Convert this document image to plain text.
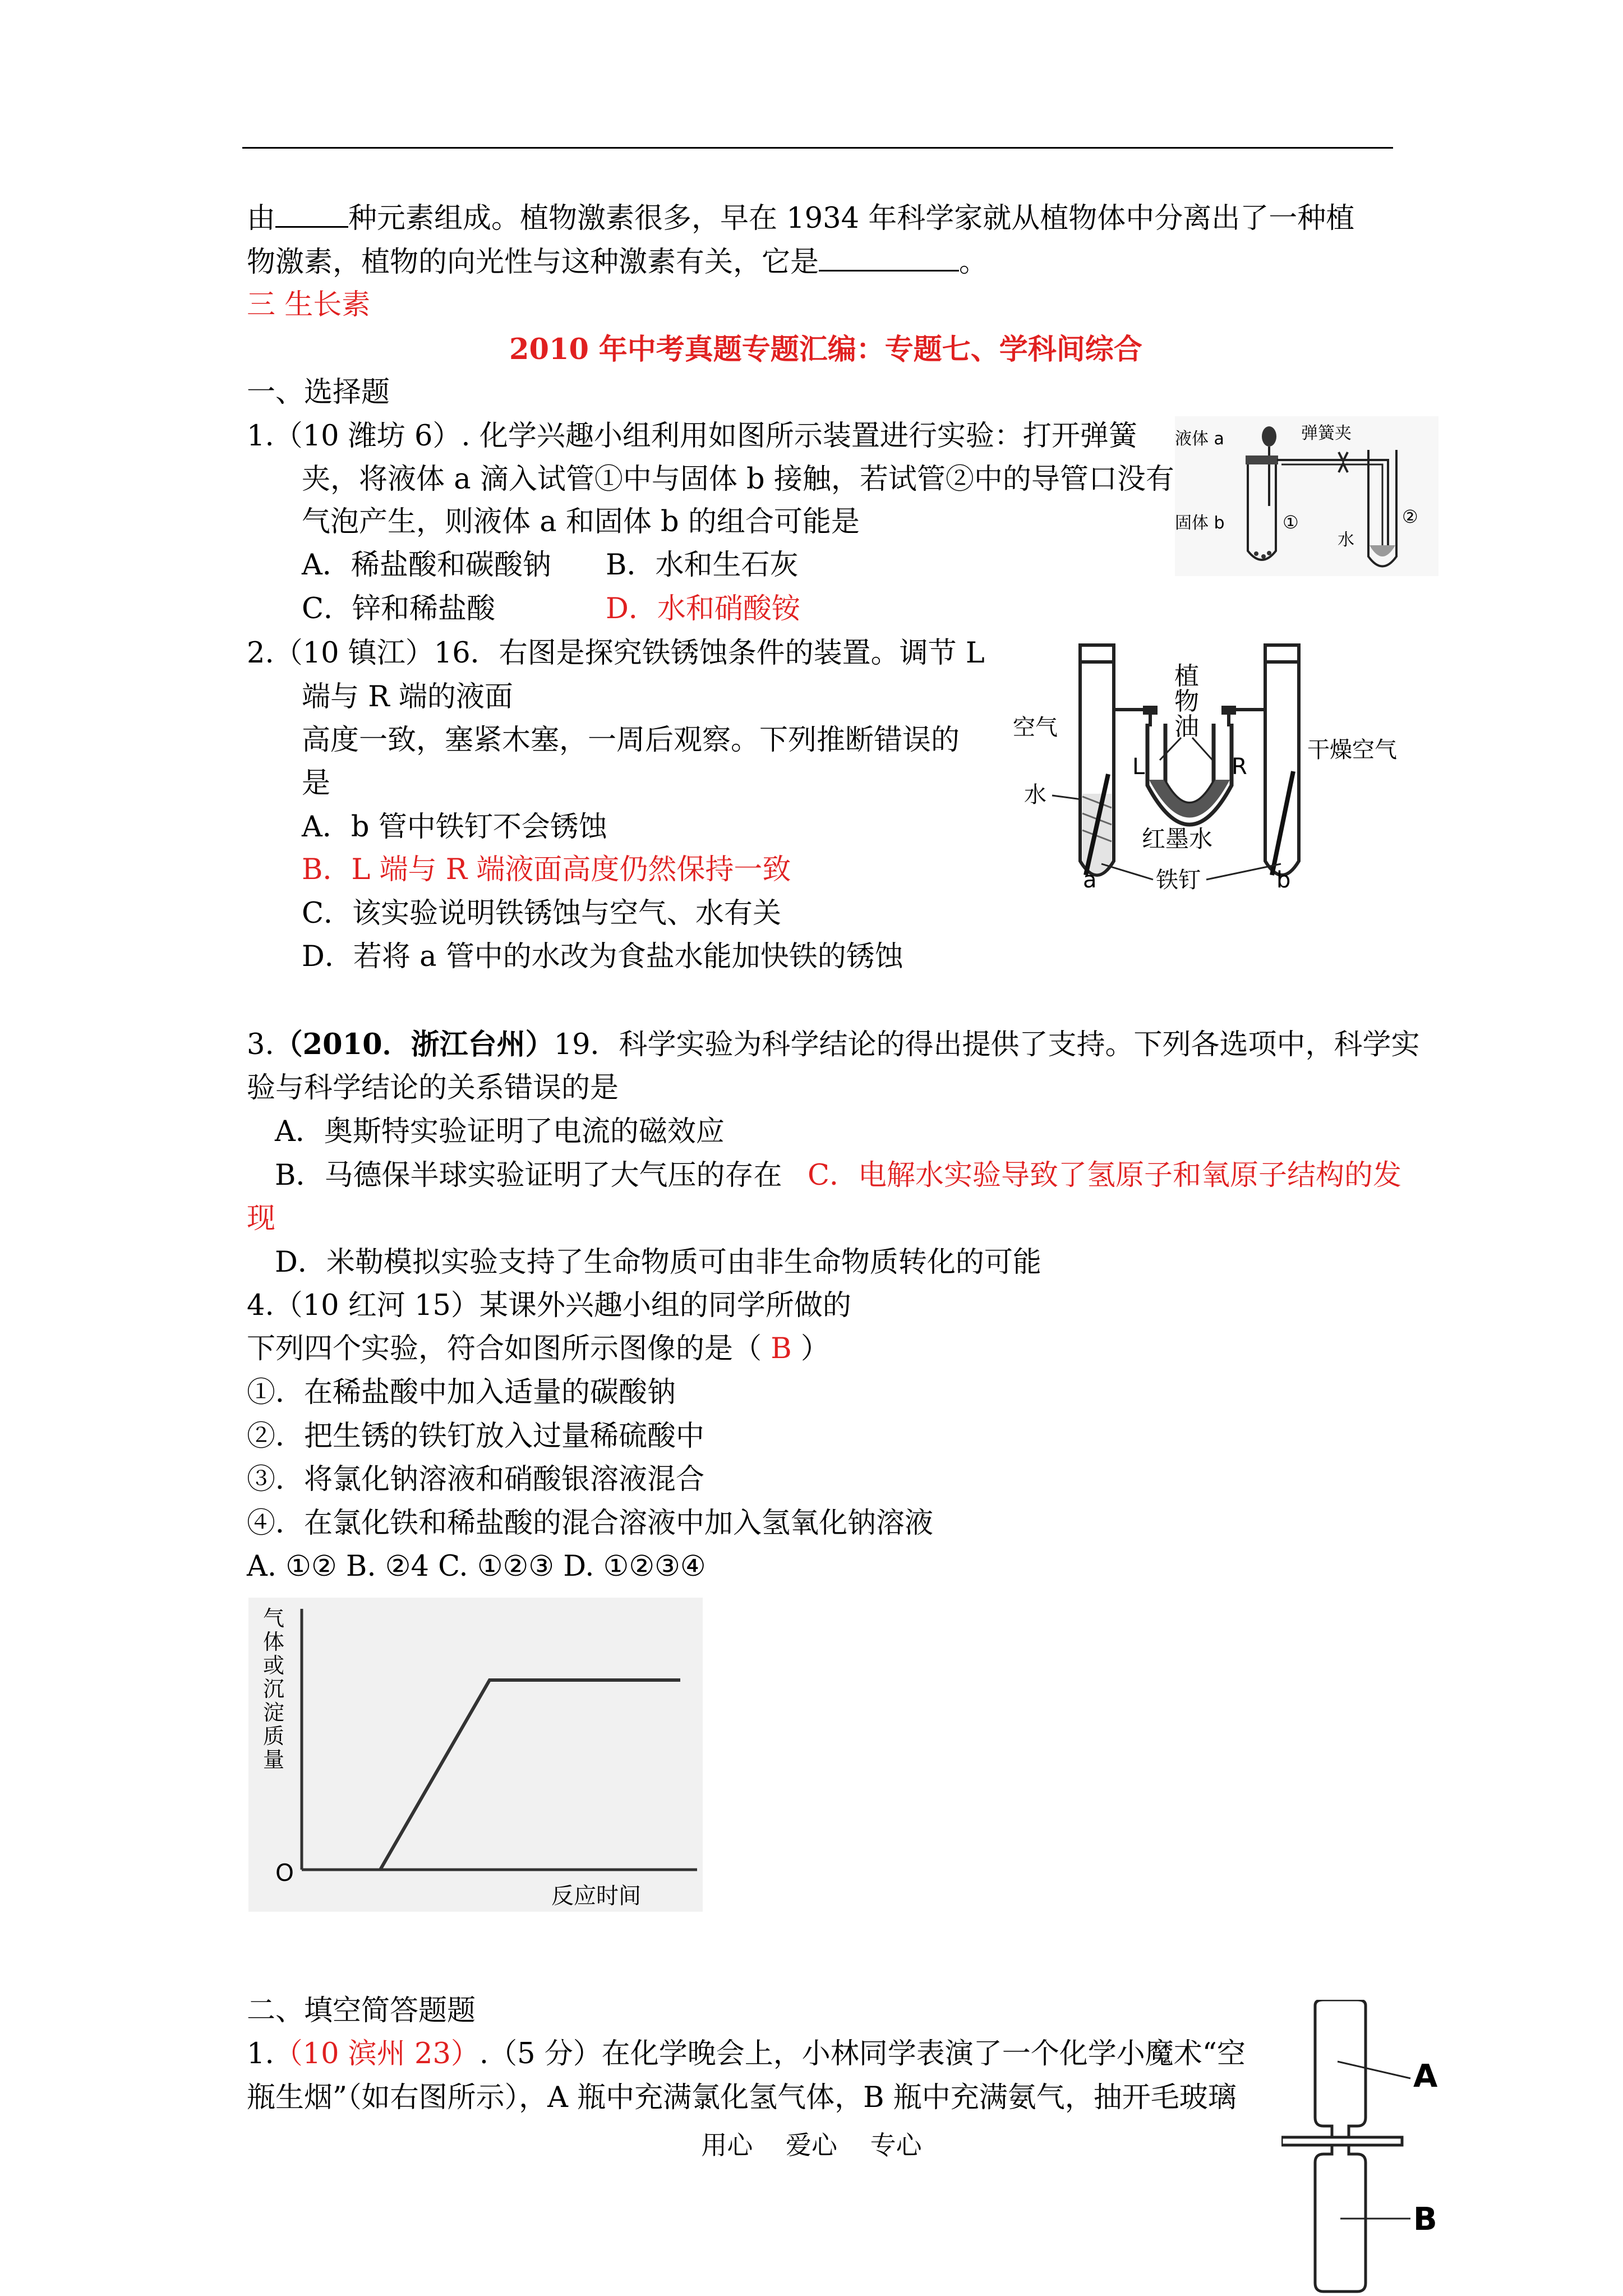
由	种元素组成。植物激素很多，早在 1934 年科学家就从植物体中分离出了一种植
物激素，植物的向光性与这种激素有关，它是	。
三 生长素
2010 年中考真题专题汇编：专题七、学科间综合
一、选择题
1.（10 潍坊 6）. 化学兴趣小组利用如图所示装置进行实验：打开弹簧
夹，将液体 a 滴入试管①中与固体 b 接触，若试管②中的导管口没有
气泡产生，则液体 a 和固体 b 的组合可能是
A．稀盐酸和碳酸钠 B．水和生石灰
C．锌和稀盐酸	D．水和硝酸铵
2.（10 镇江）16．右图是探究铁锈蚀条件的装置。调节 L
端与 R 端的液面
高度一致，塞紧木塞，一周后观察。下列推断错误的
是
A．b 管中铁钉不会锈蚀
B．L 端与 R 端液面高度仍然保持一致
C．该实验说明铁锈蚀与空气、水有关
D．若将 a 管中的水改为食盐水能加快铁的锈蚀
3.（2010．浙江台州）19．科学实验为科学结论的得出提供了支持。下列各选项中，科学实
验与科学结论的关系错误的是
A．奥斯特实验证明了电流的磁效应
B．马德保半球实验证明了大气压的存在 C．电解水实验导致了氢原子和氧原子结构的发
现
D．米勒模拟实验支持了生命物质可由非生命物质转化的可能
4.（10 红河 15）某课外兴趣小组的同学所做的
下列四个实验，符合如图所示图像的是（ B ）
①．在稀盐酸中加入适量的碳酸钠
②．把生锈的铁钉放入过量稀硫酸中
③．将氯化钠溶液和硝酸银溶液混合
④．在氯化铁和稀盐酸的混合溶液中加入氢氧化钠溶液
A. ①② B. ②4 C. ①②③ D. ①②③④
二、填空简答题题
1.（10 滨州 23）.（5 分）在化学晚会上，小林同学表演了一个化学小魔术“空
瓶生烟”（如右图所示），A 瓶中充满氯化氢气体，B 瓶中充满氨气，抽开毛玻璃
液体 a	弹簧夹
固体 b	①
水
②
植
物
油
空气
干燥空气
L	R
水
红墨水
a	b
铁钉
气
体
或
沉
淀
质
量
O
反应时间
A
B
用心 爱心 专心
